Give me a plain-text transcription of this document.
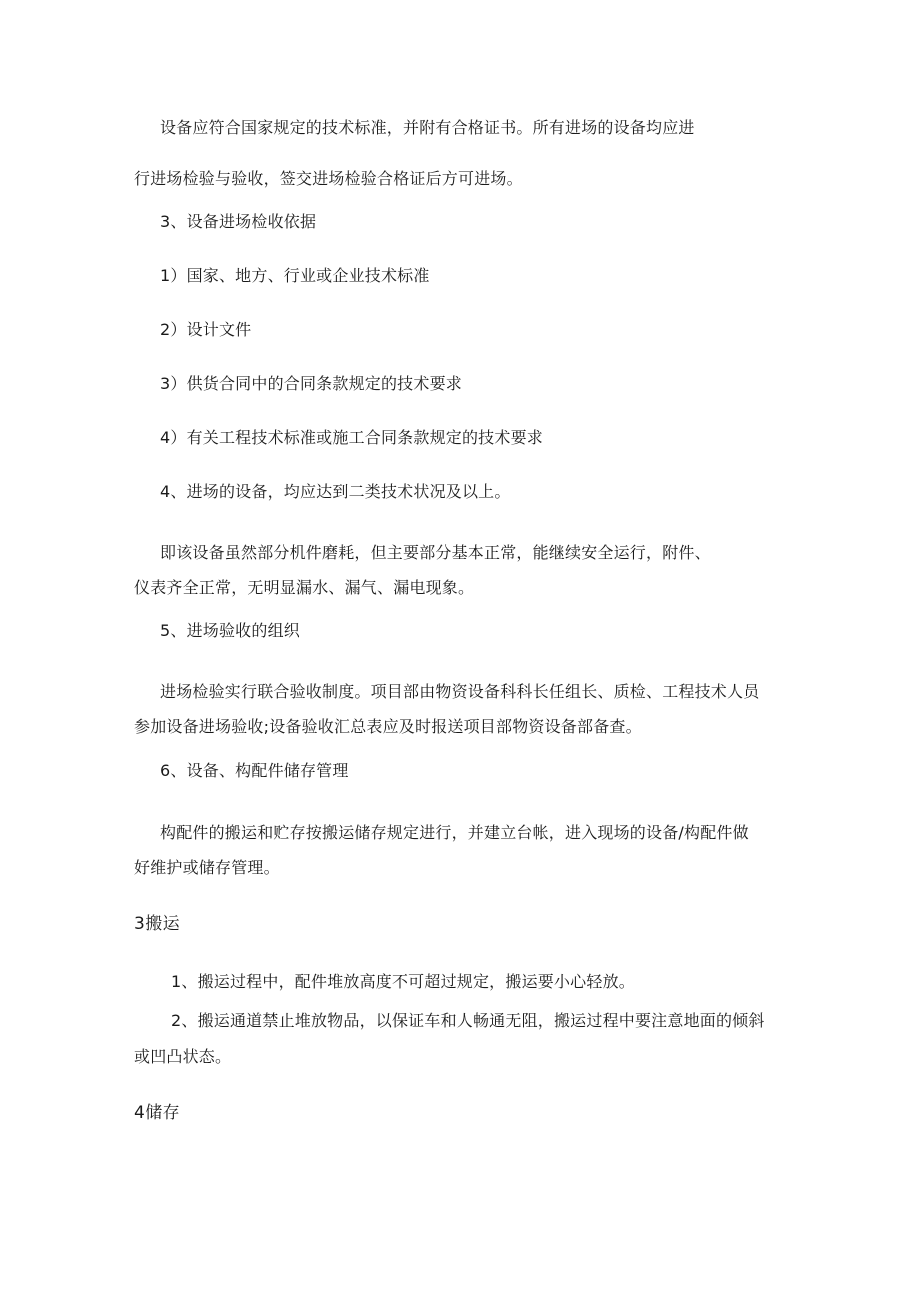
设备应符合国家规定的技术标准，并附有合格证书。所有进场的设备均应进
行进场检验与验收，签交进场检验合格证后方可进场。
3、设备进场检收依据
1）国家、地方、行业或企业技术标准
2）设计文件
3）供货合同中的合同条款规定的技术要求
4）有关工程技术标准或施工合同条款规定的技术要求
4、进场的设备，均应达到二类技术状况及以上。
即该设备虽然部分机件磨耗，但主要部分基本正常，能继续安全运行，附件、
仪表齐全正常，无明显漏水、漏气、漏电现象。
5、进场验收的组织
进场检验实行联合验收制度。项目部由物资设备科科长任组长、质检、工程技术人员
参加设备进场验收;设备验收汇总表应及时报送项目部物资设备部备查。
6、设备、构配件储存管理
构配件的搬运和贮存按搬运储存规定进行，并建立台帐，进入现场的设备/构配件做
好维护或储存管理。
3搬运
1、搬运过程中，配件堆放高度不可超过规定，搬运要小心轻放。
2、搬运通道禁止堆放物品，以保证车和人畅通无阻，搬运过程中要注意地面的倾斜
或凹凸状态。
4储存
